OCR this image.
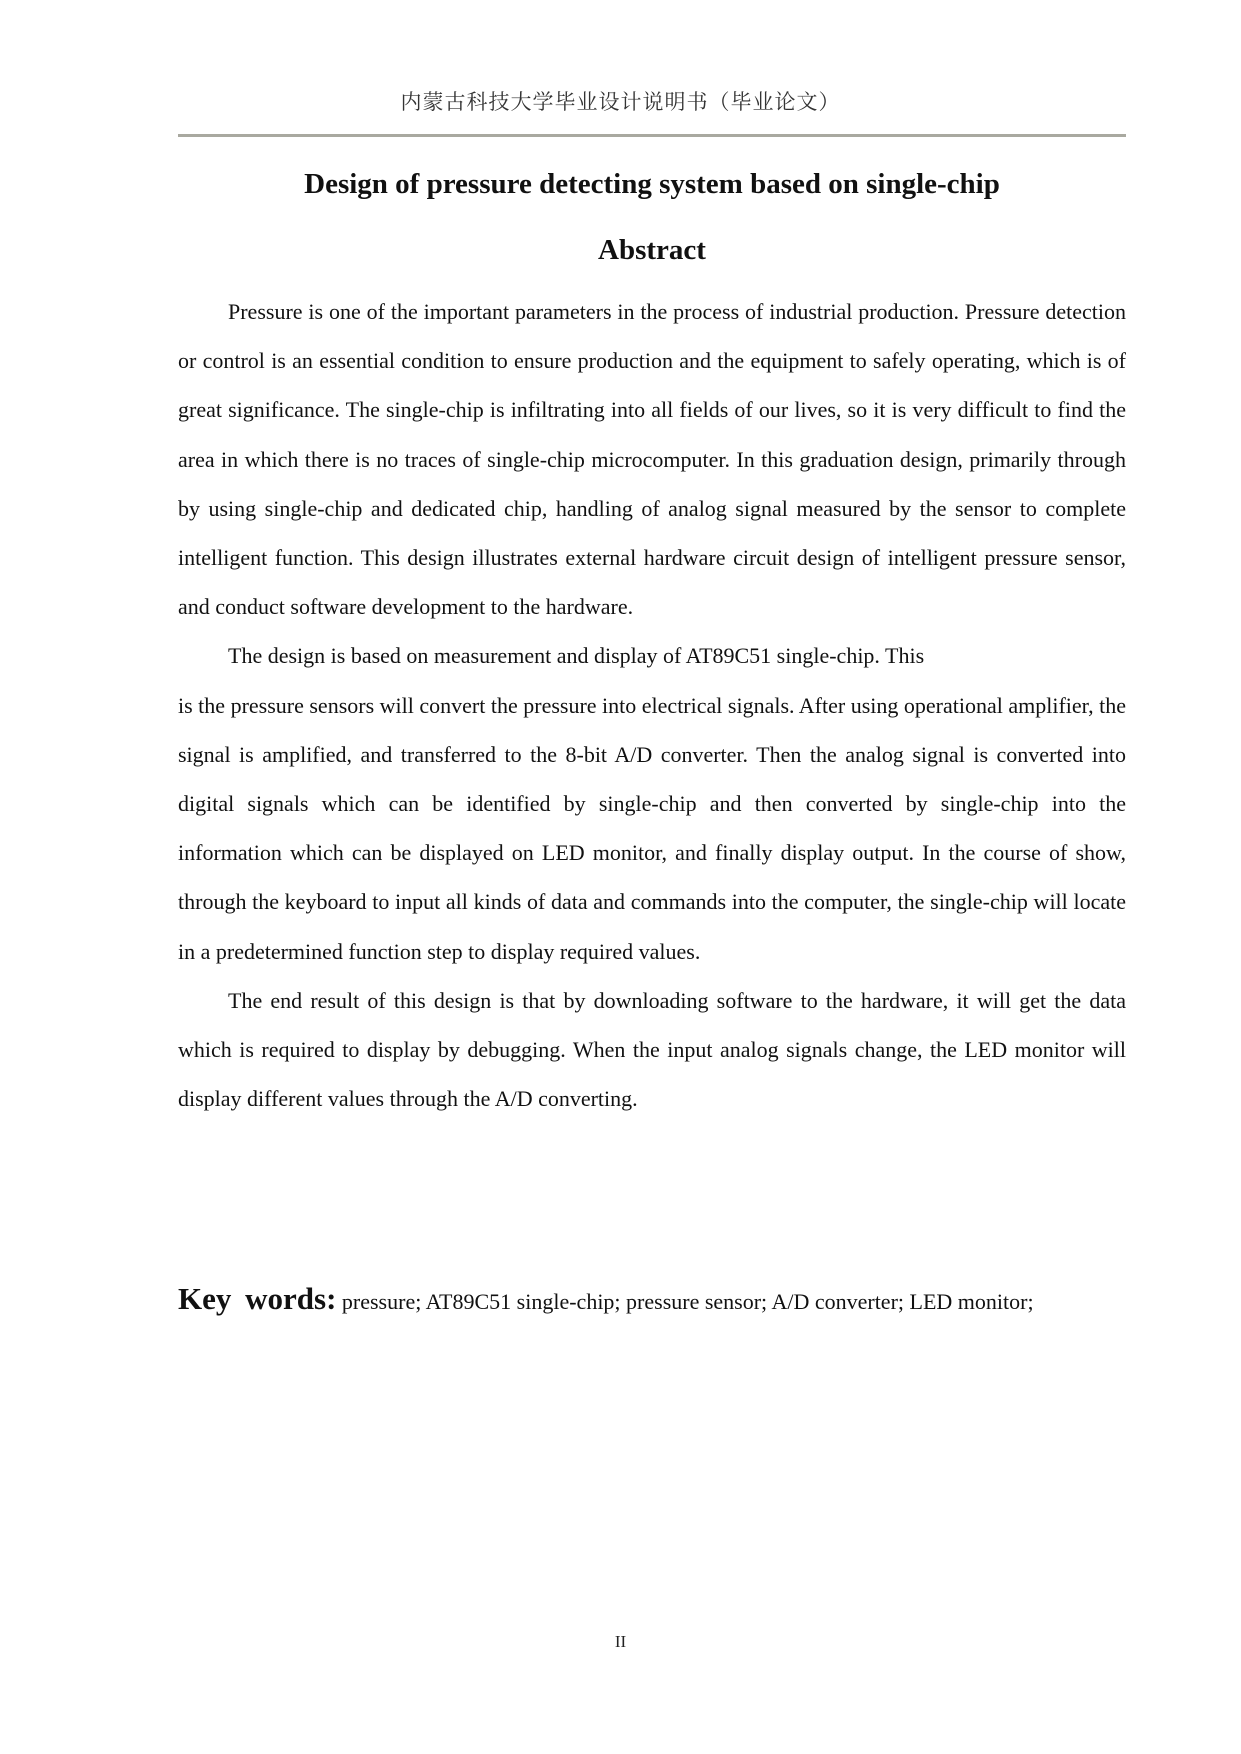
内蒙古科技大学毕业设计说明书（毕业论文）
Design of pressure detecting system based on single-chip
Abstract

Pressure is one of the important parameters in the process of industrial production. Pressure detection or control is an essential condition to ensure production and the equipment to safely operating, which is of great significance. The single-chip is infiltrating into all fields of our lives, so it is very difficult to find the area in which there is no traces of single-chip microcomputer. In this graduation design, primarily through by using single-chip and dedicated chip, handling of analog signal measured by the sensor to complete intelligent function. This design illustrates external hardware circuit design of intelligent pressure sensor, and conduct software development to the hardware.

The design is based on measurement and display of AT89C51 single-chip. This

is the pressure sensors will convert the pressure into electrical signals. After using operational amplifier, the signal is amplified, and transferred to the 8-bit A/D converter. Then the analog signal is converted into digital signals which can be identified by single-chip and then converted by single-chip into the information which can be displayed on LED monitor, and finally display output. In the course of show, through the keyboard to input all kinds of data and commands into the computer, the single-chip will locate in a predetermined function step to display required values.

The end result of this design is that by downloading software to the hardware, it will get the data which is required to display by debugging. When the input analog signals change, the LED monitor will display different values through the A/D converting.

Key words: pressure; AT89C51 single-chip; pressure sensor; A/D converter; LED monitor;

II
